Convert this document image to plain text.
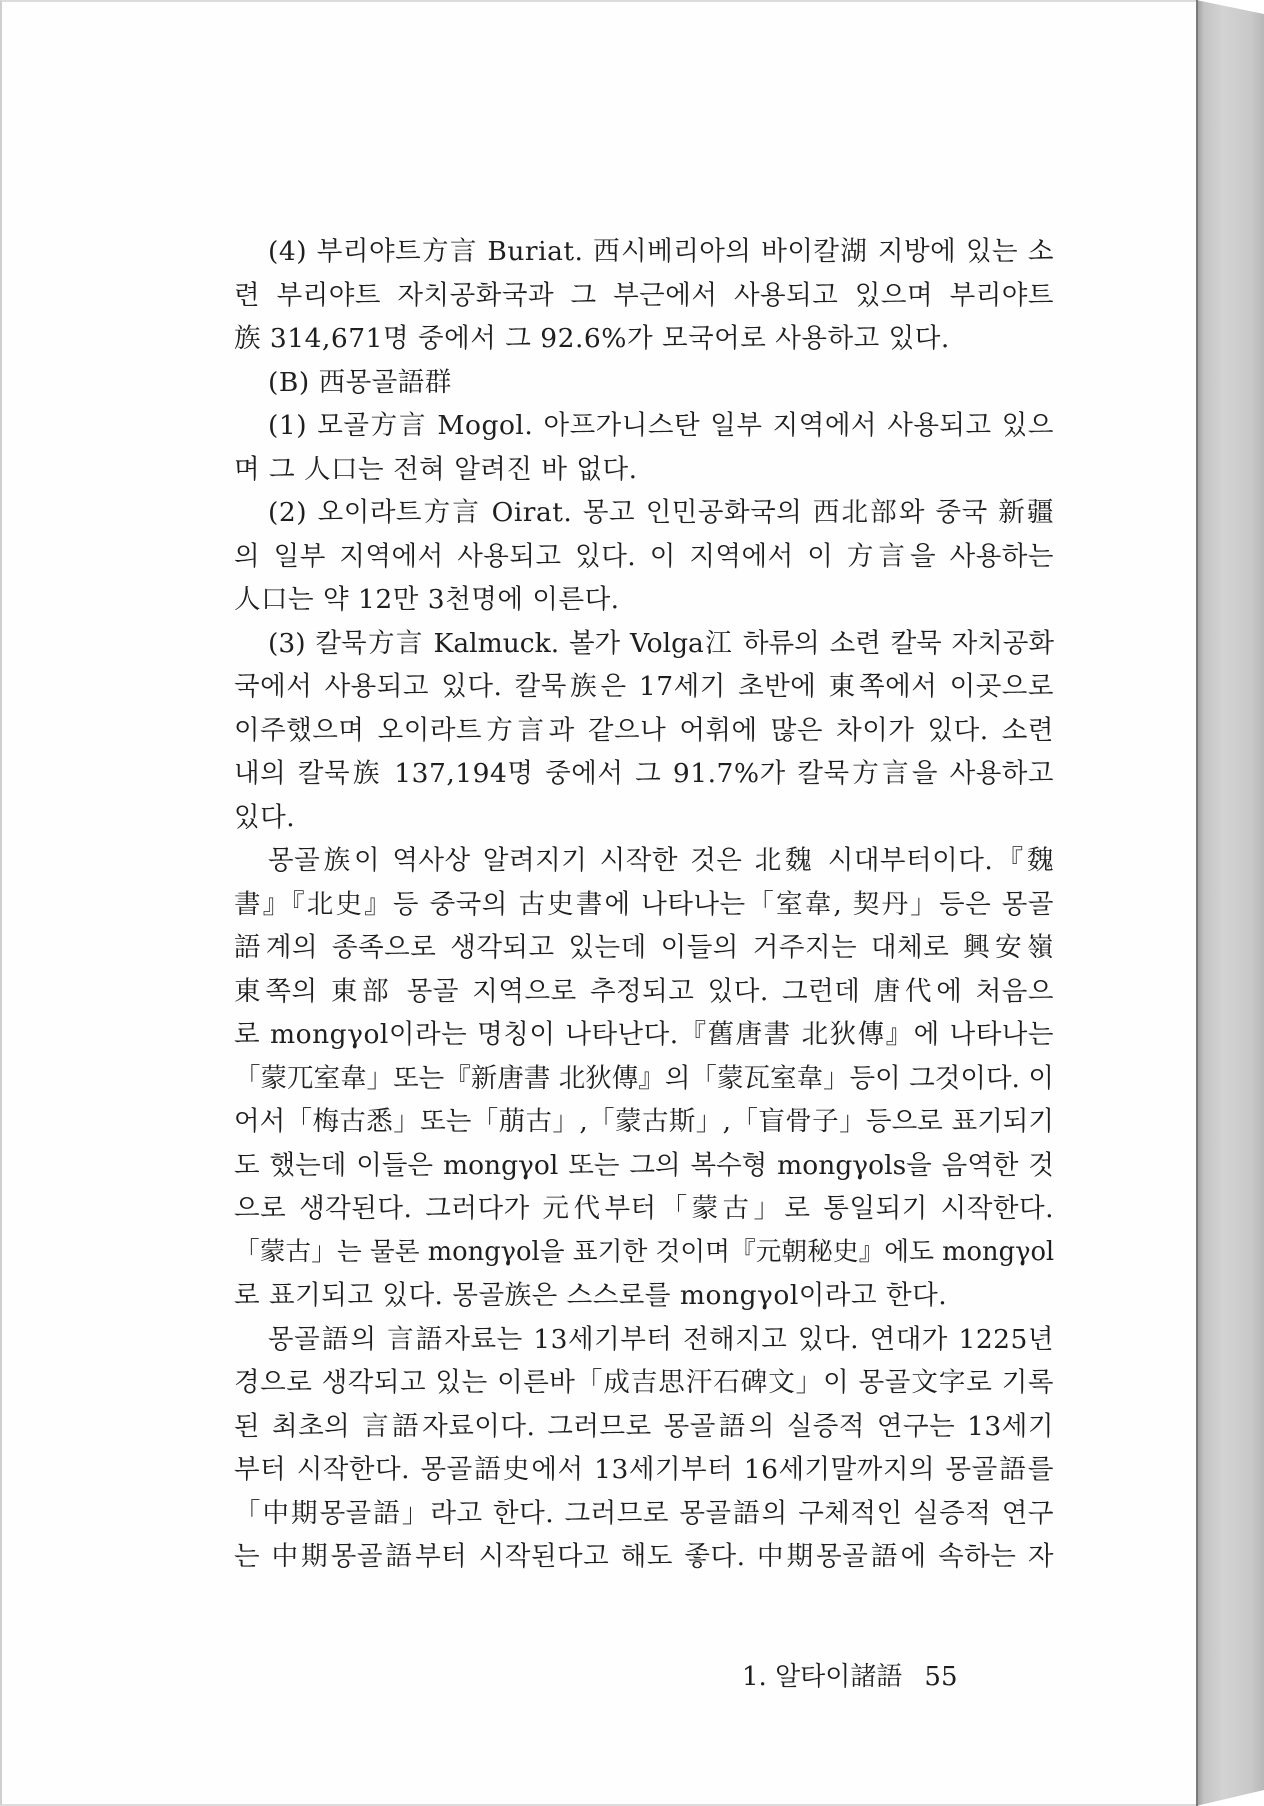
(4) 부리야트方言 Buriat. 西시베리아의 바이칼湖 지방에 있는 소
련 부리야트 자치공화국과 그 부근에서 사용되고 있으며 부리야트
族 314,671명 중에서 그 92.6%가 모국어로 사용하고 있다.

(B) 西몽골語群

(1) 모골方言 Mogol. 아프가니스탄 일부 지역에서 사용되고 있으
며 그 人口는 전혀 알려진 바 없다.

(2) 오이라트方言 Oirat. 몽고 인민공화국의 西北部와 중국 新疆
의 일부 지역에서 사용되고 있다. 이 지역에서 이 方言을 사용하는
人口는 약 12만 3천명에 이른다.

(3) 칼묵方言 Kalmuck. 볼가 Volga江 하류의 소련 칼묵 자치공화
국에서 사용되고 있다. 칼묵族은 17세기 초반에 東쪽에서 이곳으로
이주했으며 오이라트方言과 같으나 어휘에 많은 차이가 있다. 소련
내의 칼묵族 137,194명 중에서 그 91.7%가 칼묵方言을 사용하고
있다.

몽골族이 역사상 알려지기 시작한 것은 北魏 시대부터이다.『魏
書』『北史』등 중국의 古史書에 나타나는「室韋, 契丹」등은 몽골
語계의 종족으로 생각되고 있는데 이들의 거주지는 대체로 興安嶺
東쪽의 東部 몽골 지역으로 추정되고 있다. 그런데 唐代에 처음으
로 mongγol이라는 명칭이 나타난다.『舊唐書 北狄傳』에 나타나는
「蒙兀室韋」또는『新唐書 北狄傳』의「蒙瓦室韋」등이 그것이다. 이
어서「梅古悉」또는「萠古」,「蒙古斯」,「盲骨子」등으로 표기되기
도 했는데 이들은 mongγol 또는 그의 복수형 mongγols을 음역한 것
으로 생각된다. 그러다가 元代부터「蒙古」로 통일되기 시작한다.
「蒙古」는 물론 mongγol을 표기한 것이며『元朝秘史』에도 mongγol
로 표기되고 있다. 몽골族은 스스로를 mongγol이라고 한다.

몽골語의 言語자료는 13세기부터 전해지고 있다. 연대가 1225년
경으로 생각되고 있는 이른바「成吉思汗石碑文」이 몽골文字로 기록
된 최초의 言語자료이다. 그러므로 몽골語의 실증적 연구는 13세기
부터 시작한다. 몽골語史에서 13세기부터 16세기말까지의 몽골語를
「中期몽골語」라고 한다. 그러므로 몽골語의 구체적인 실증적 연구
는 中期몽골語부터 시작된다고 해도 좋다. 中期몽골語에 속하는 자

1. 알타이諸語 55
